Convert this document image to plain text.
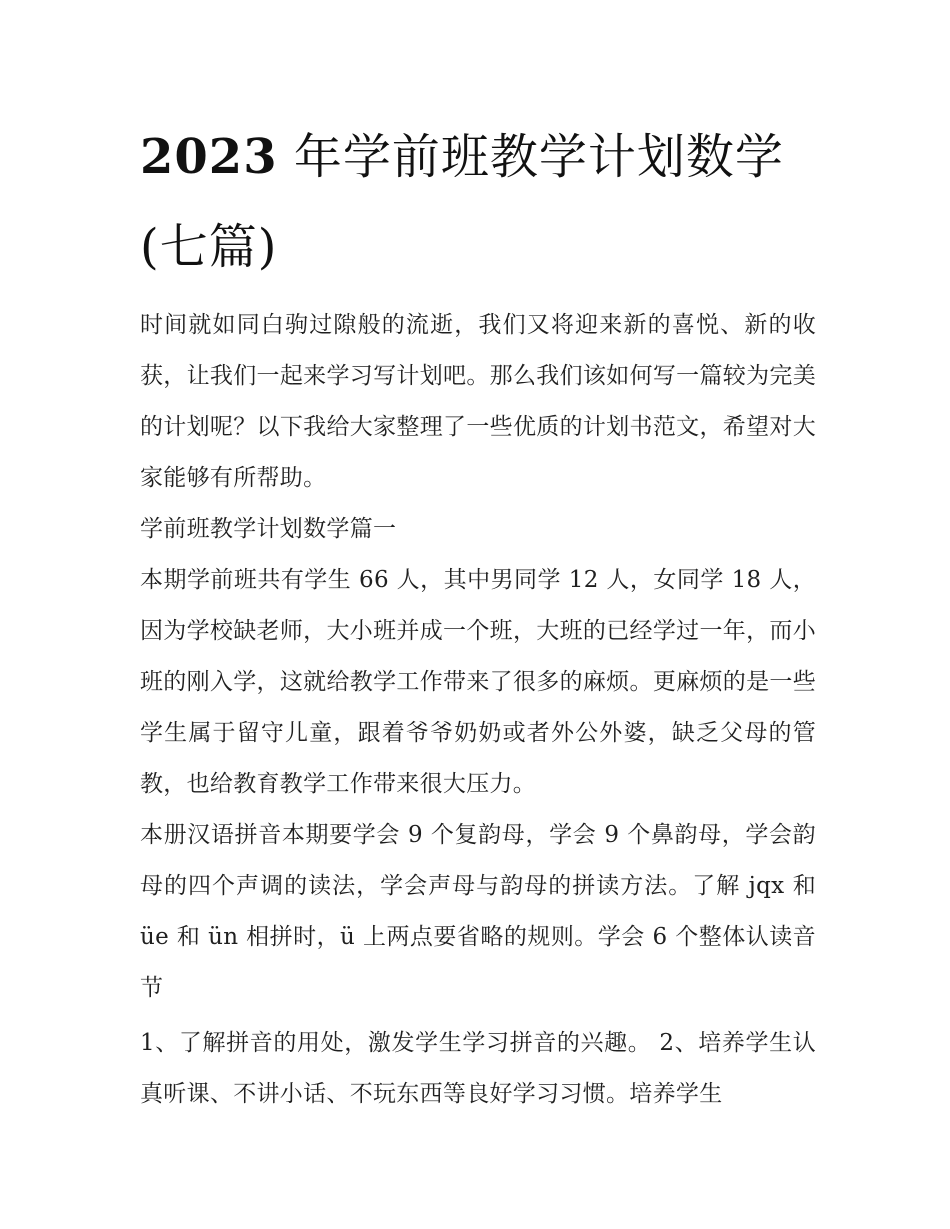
2023 年学前班教学计划数学(七篇)

时间就如同白驹过隙般的流逝，我们又将迎来新的喜悦、新的收获，让我们一起来学习写计划吧。那么我们该如何写一篇较为完美的计划呢？以下我给大家整理了一些优质的计划书范文，希望对大家能够有所帮助。

学前班教学计划数学篇一

本期学前班共有学生 66 人，其中男同学 12 人，女同学 18 人，因为学校缺老师，大小班并成一个班，大班的已经学过一年，而小班的刚入学，这就给教学工作带来了很多的麻烦。更麻烦的是一些学生属于留守儿童，跟着爷爷奶奶或者外公外婆，缺乏父母的管教，也给教育教学工作带来很大压力。

本册汉语拼音本期要学会 9 个复韵母，学会 9 个鼻韵母，学会韵母的四个声调的读法，学会声母与韵母的拼读方法。了解 jqx 和 üe 和 ün 相拼时，ü 上两点要省略的规则。学会 6 个整体认读音节

1、了解拼音的用处，激发学生学习拼音的兴趣。 2、培养学生认真听课、不讲小话、不玩东西等良好学习习惯。培养学生
